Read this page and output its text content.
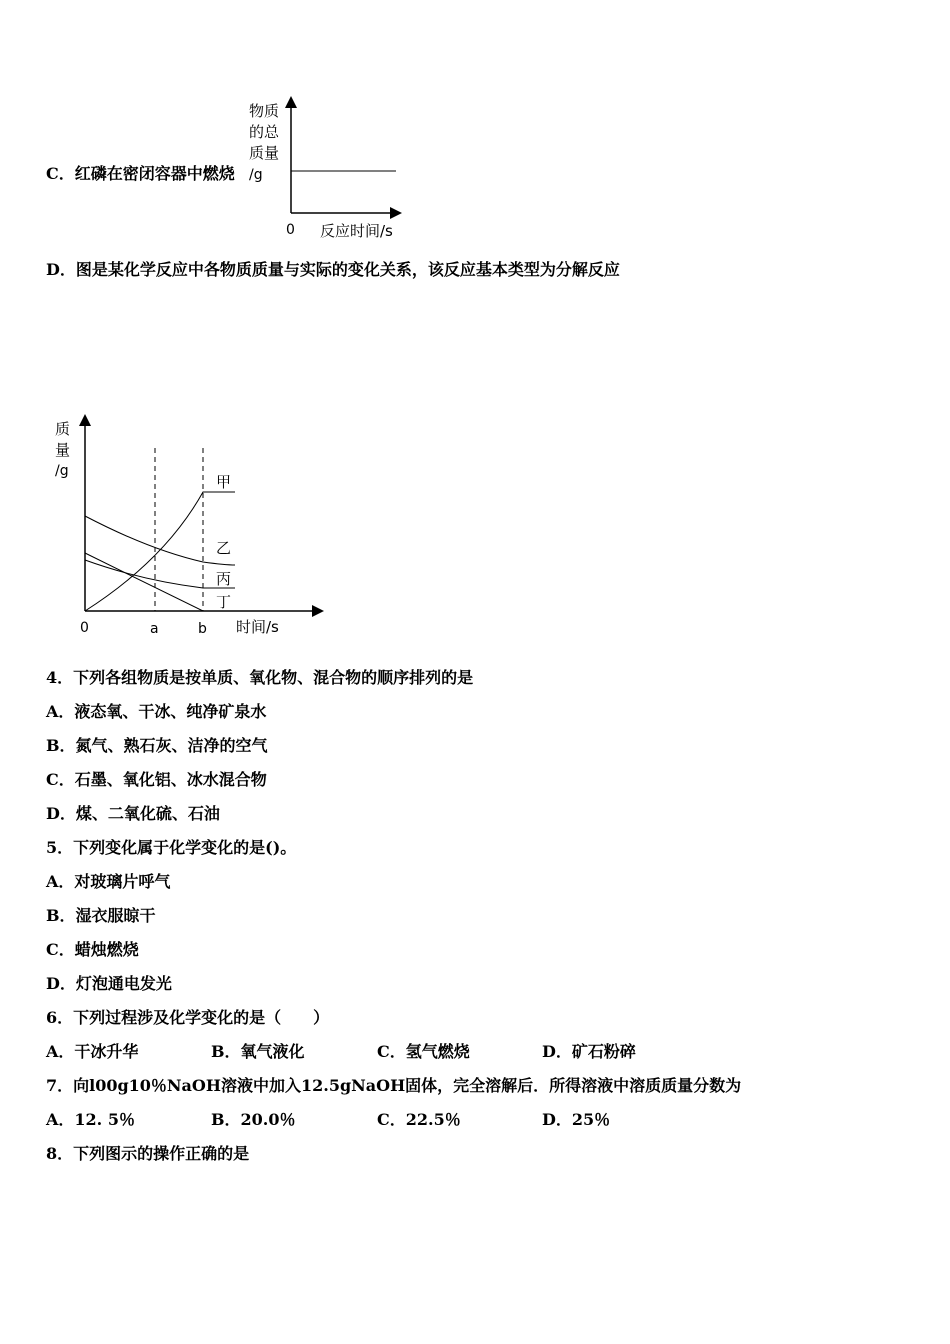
C．红磷在密闭容器中燃烧
物质
的总
质量
/g
0 反应时间/s
D．图是某化学反应中各物质质量与实际的变化关系，该反应基本类型为分解反应
质
量
/g
0	a	b 时间/s
甲
乙
丙
丁
4．下列各组物质是按单质、氧化物、混合物的顺序排列的是
A．液态氧、干冰、纯净矿泉水
B．氮气、熟石灰、洁净的空气
C．石墨、氧化铝、冰水混合物
D．煤、二氧化硫、石油
5．下列变化属于化学变化的是()。
A．对玻璃片呼气
B．湿衣服晾干
C．蜡烛燃烧
D．灯泡通电发光
6．下列过程涉及化学变化的是（　　）
A．干冰升华	B．氧气液化	C．氢气燃烧	D．矿石粉碎
7．向l00g10％NaOH溶液中加入12.5gNaOH固体，完全溶解后．所得溶液中溶质质量分数为
A．12. 5％	B．20.0％	C．22.5％	D．25％
8．下列图示的操作正确的是
